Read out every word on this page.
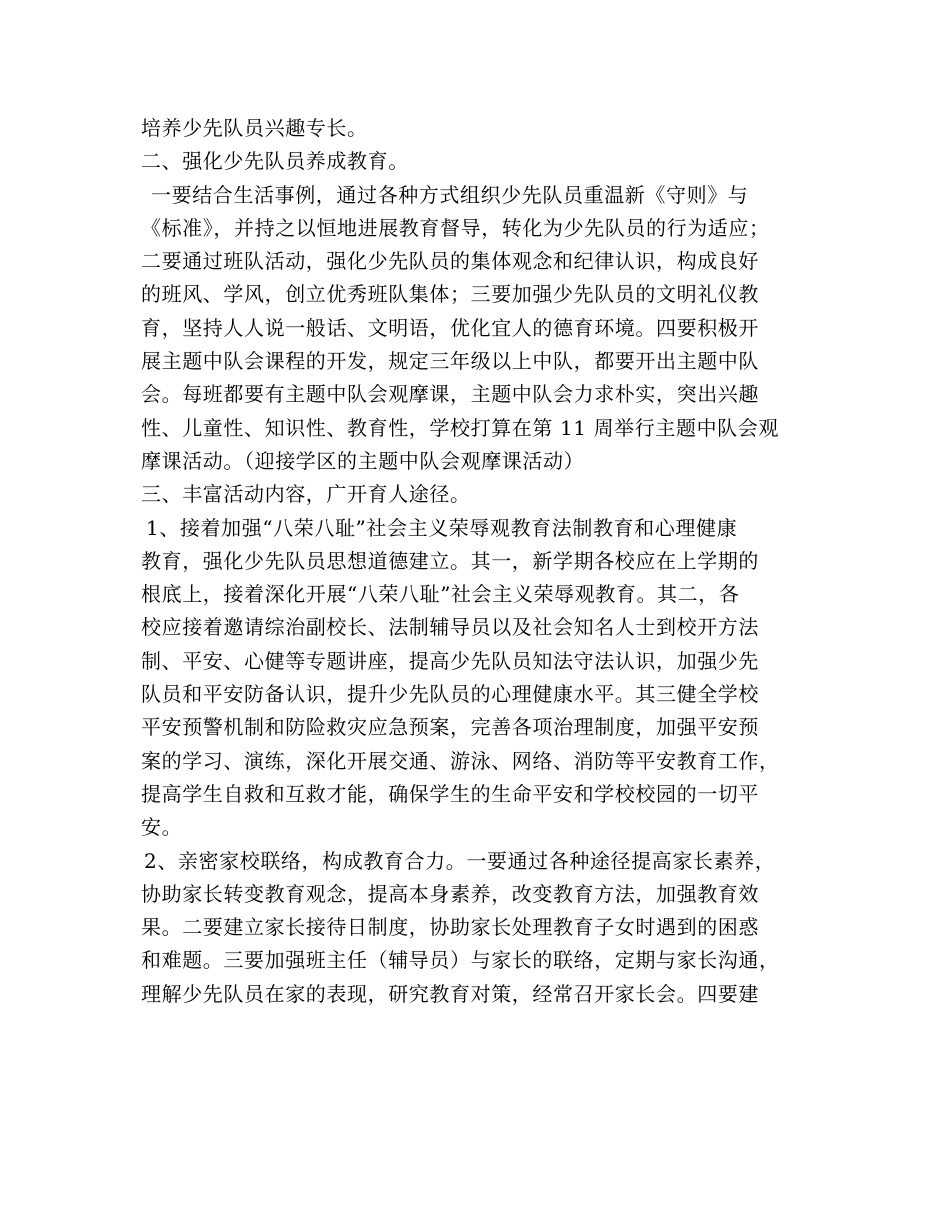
培养少先队员兴趣专长。
二、强化少先队员养成教育。
一要结合生活事例，通过各种方式组织少先队员重温新《守则》与
《标准》，并持之以恒地进展教育督导，转化为少先队员的行为适应；
二要通过班队活动，强化少先队员的集体观念和纪律认识，构成良好
的班风、学风，创立优秀班队集体；三要加强少先队员的文明礼仪教
育，坚持人人说一般话、文明语，优化宜人的德育环境。四要积极开
展主题中队会课程的开发，规定三年级以上中队，都要开出主题中队
会。每班都要有主题中队会观摩课，主题中队会力求朴实，突出兴趣
性、儿童性、知识性、教育性，学校打算在第 11 周举行主题中队会观
摩课活动。（迎接学区的主题中队会观摩课活动）
三、丰富活动内容，广开育人途径。
1、接着加强“八荣八耻”社会主义荣辱观教育法制教育和心理健康
教育，强化少先队员思想道德建立。其一，新学期各校应在上学期的
根底上，接着深化开展“八荣八耻”社会主义荣辱观教育。其二，各
校应接着邀请综治副校长、法制辅导员以及社会知名人士到校开方法
制、平安、心健等专题讲座，提高少先队员知法守法认识，加强少先
队员和平安防备认识，提升少先队员的心理健康水平。其三健全学校
平安预警机制和防险救灾应急预案，完善各项治理制度，加强平安预
案的学习、演练，深化开展交通、游泳、网络、消防等平安教育工作，
提高学生自救和互救才能，确保学生的生命平安和学校校园的一切平
安。
2、亲密家校联络，构成教育合力。一要通过各种途径提高家长素养，
协助家长转变教育观念，提高本身素养，改变教育方法，加强教育效
果。二要建立家长接待日制度，协助家长处理教育子女时遇到的困惑
和难题。三要加强班主任（辅导员）与家长的联络，定期与家长沟通，
理解少先队员在家的表现，研究教育对策，经常召开家长会。四要建
